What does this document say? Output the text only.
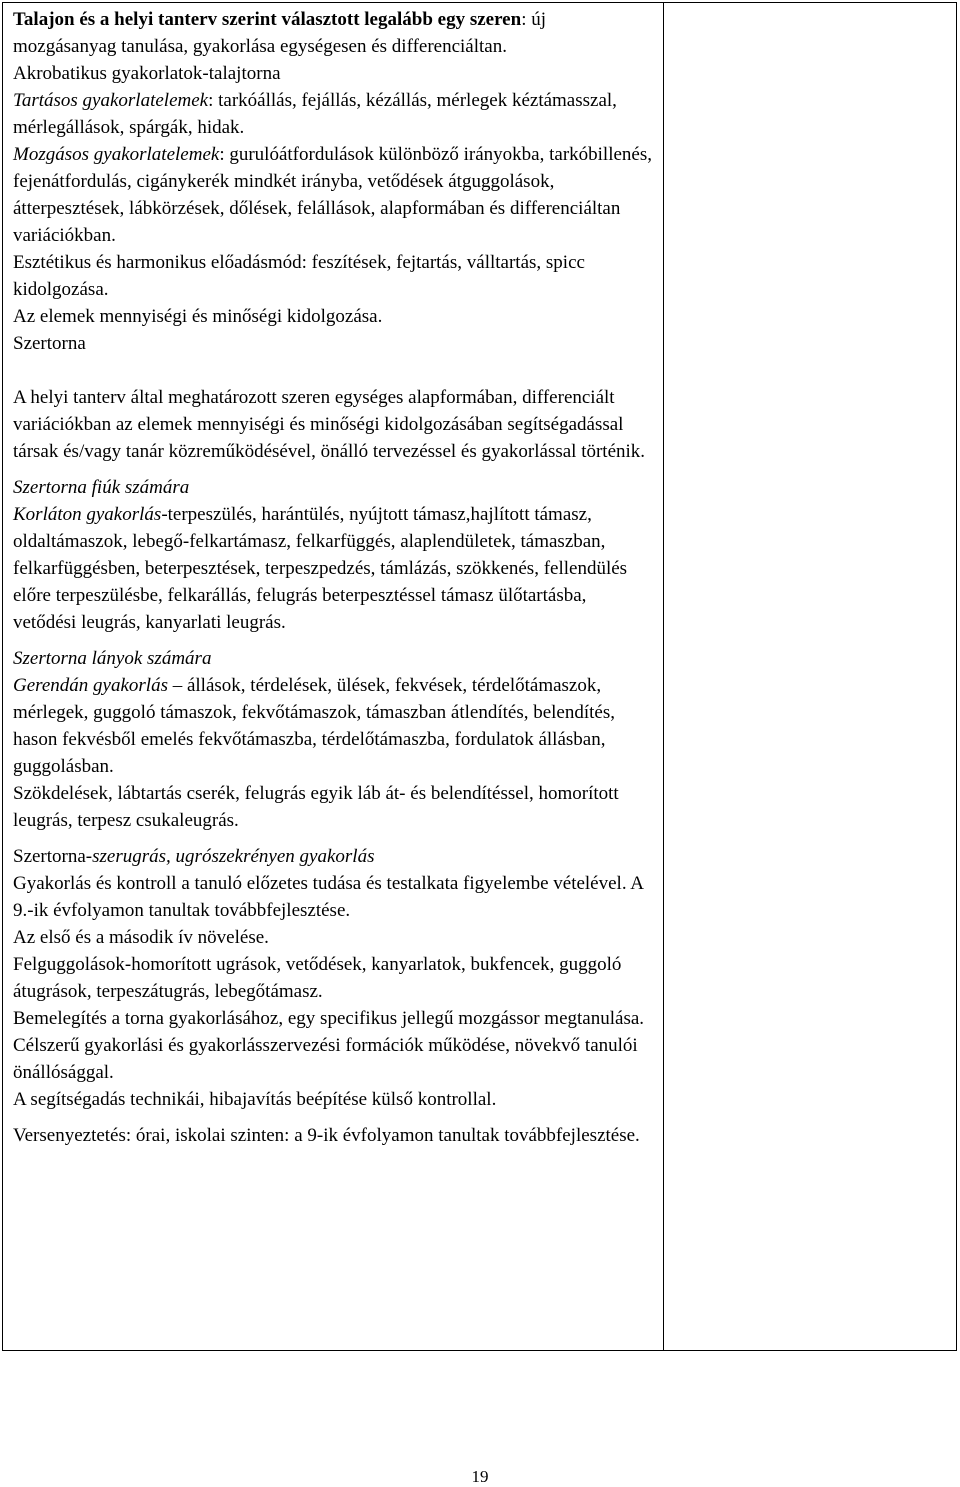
Talajon és a helyi tanterv szerint választott legalább egy szeren: új mozgásanyag tanulása, gyakorlása egységesen és differenciáltan.

Akrobatikus gyakorlatok-talajtorna

Tartásos gyakorlatelemek: tarkóállás, fejállás, kézállás, mérlegek kéztámasszal, mérlegállások, spárgák, hidak.

Mozgásos gyakorlatelemek: gurulóátfordulások különböző irányokba, tarkóbillenés, fejenátfordulás, cigánykerék mindkét irányba, vetődések átguggolások, átterpesztések, lábkörzések, dőlések, felállások, alapformában és differenciáltan variációkban.

Esztétikus és harmonikus előadásmód: feszítések, fejtartás, válltartás, spicc kidolgozása.

Az elemek mennyiségi és minőségi kidolgozása.

Szertorna

A helyi tanterv által meghatározott szeren egységes alapformában, differenciált variációkban az elemek mennyiségi és minőségi kidolgozásában segítségadással társak és/vagy tanár közreműködésével, önálló tervezéssel és gyakorlással történik.

Szertorna fiúk számára

Korláton gyakorlás-terpeszülés, harántülés, nyújtott támasz,hajlított támasz, oldaltámaszok, lebegő-felkartámasz, felkarfüggés, alaplendületek, támaszban, felkarfüggésben, beterpesztések, terpeszpedzés, támlázás, szökkenés, fellendülés előre terpeszülésbe, felkarállás, felugrás beterpesztéssel támasz ülőtartásba, vetődési leugrás, kanyarlati leugrás.

Szertorna lányok számára

Gerendán gyakorlás – állások, térdelések, ülések, fekvések, térdelőtámaszok, mérlegek, guggoló támaszok, fekvőtámaszok, támaszban átlendítés, belendítés, hason fekvésből emelés fekvőtámaszba, térdelőtámaszba, fordulatok állásban, guggolásban.

Szökdelések, lábtartás cserék, felugrás egyik láb át- és belendítéssel, homorított leugrás, terpesz csukaleugrás.

Szertorna-szerugrás, ugrószekrényen gyakorlás

Gyakorlás és kontroll a tanuló előzetes tudása és testalkata figyelembe vételével. A 9.-ik évfolyamon tanultak továbbfejlesztése.

Az első és a második ív növelése.

Felguggolások-homorított ugrások, vetődések, kanyarlatok, bukfencek, guggoló átugrások, terpeszátugrás, lebegőtámasz.

Bemelegítés a torna gyakorlásához, egy specifikus jellegű mozgássor megtanulása.

Célszerű gyakorlási és gyakorlásszervezési formációk működése, növekvő tanulói önállósággal.

A segítségadás technikái, hibajavítás beépítése külső kontrollal.

Versenyeztetés: órai, iskolai szinten: a 9-ik évfolyamon tanultak továbbfejlesztése.

19
